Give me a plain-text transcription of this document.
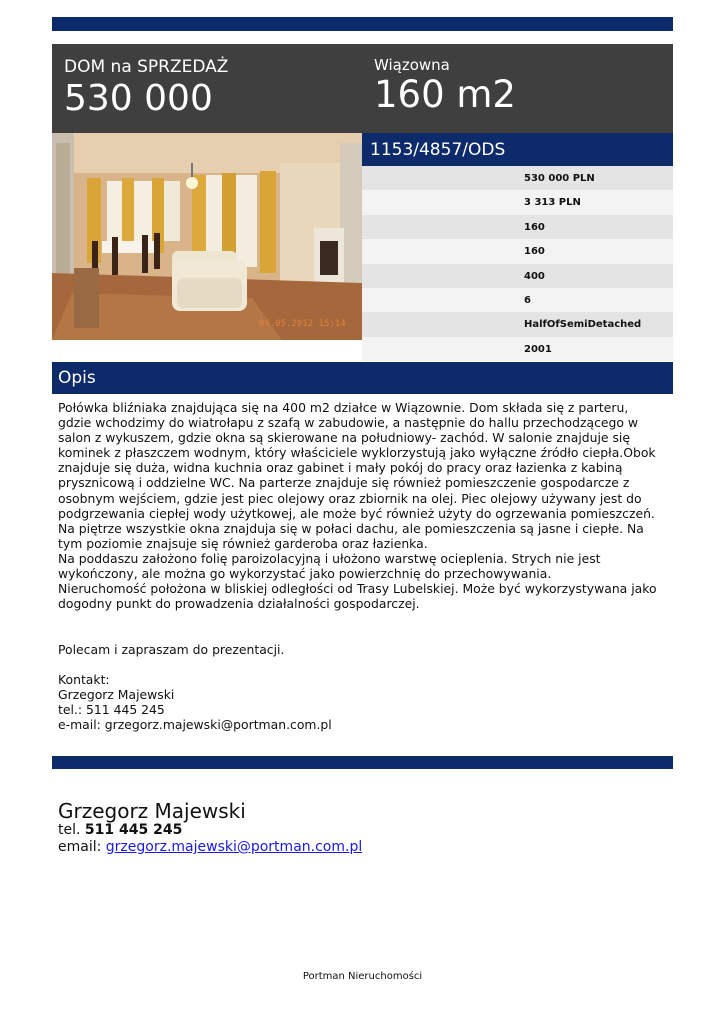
DOM na SPRZEDAŻ
530 000
Wiązowna
160 m2
04.05.2012 15:14
1153/4857/ODS
530 000 PLN
3 313 PLN
160
160
400
6
HalfOfSemiDetached
2001
Opis
Połówka bliźniaka znajdująca się na 400 m2 działce w Wiązownie. Dom składa się z parteru, gdzie wchodzimy do wiatrołapu z szafą w zabudowie, a następnie do hallu przechodzącego w salon z wykuszem, gdzie okna są skierowane na południowy- zachód. W salonie znajduje się kominek z płaszczem wodnym, który właściciele wyklorzystują jako wyłączne źródło ciepła.Obok znajduje się duża, widna kuchnia oraz gabinet i mały pokój do pracy oraz łazienka z kabiną prysznicową i oddzielne WC. Na parterze znajduje się również pomieszczenie gospodarcze z osobnym wejściem, gdzie jest piec olejowy oraz zbiornik na olej. Piec olejowy używany jest do podgrzewania ciepłej wody użytkowej, ale może być również użyty do ogrzewania pomieszczeń.
Na piętrze wszystkie okna znajduja się w połaci dachu, ale pomieszczenia są jasne i ciepłe. Na tym poziomie znajsuje się również garderoba oraz łazienka.
Na poddaszu założono folię paroizolacyjną i ułożono warstwę ocieplenia. Strych nie jest wykończony, ale można go wykorzystać jako powierzchnię do przechowywania.
Nieruchomość położona w bliskiej odległości od Trasy Lubelskiej. Może być wykorzystywana jako dogodny punkt do prowadzenia działalności gospodarczej.

Polecam i zapraszam do prezentacji.

Kontakt:
Grzegorz Majewski
tel.: 511 445 245
e-mail: grzegorz.majewski@portman.com.pl
Grzegorz Majewski
tel. 511 445 245
email: grzegorz.majewski@portman.com.pl
Portman Nieruchomości
